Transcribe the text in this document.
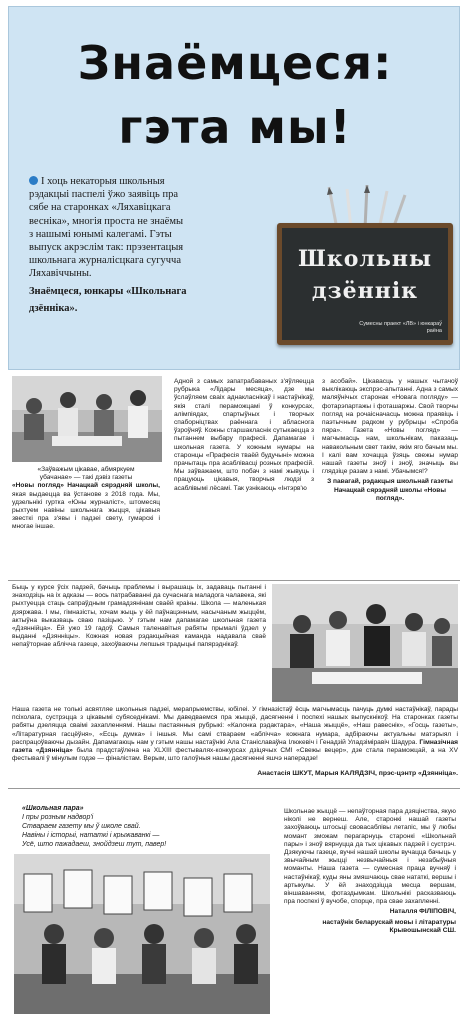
Знаёмцеся:
гэта мы!

І хоць некаторыя школьныя

рэдакцыі паспелі ўжо заявіць пра

сябе на старонках «Ляхавіцкага

весніка», многія проста не знаёмы

з нашымі юнымі калегамі. Гэты

выпуск акрэслім так: прэзентацыя

школьнага журналісцкага сугучча

Ляхавіччыны.

Знаёмцеся, юнкары «Школьнага

дзённіка».

Школьны
дзённік
Сумесны праект «ЛВ» і юнкараў раёна
«Заўважым цікавае, абмяркуем
убачанае» — такі дэвіз газеты
«Новы погляд» Начацкай сярэдняй школы, якая выдаецца ва ўстанове з 2018 года. Мы, удзельнікі гуртка «Юны журналіст», штомесяц рыхтуем навіны школьнага жыцця, цікавыя звесткі пра з'явы і падзеі свету, гумарскі і многае іншае.
Адной з самых запатрабаваных з'яўляецца рубрыка «Лідары месяца», дзе мы ўслаўляем сваіх аднакласнікаў і настаўнікаў, якія сталі пераможцамі ў конкурсах, алімпіядах, спартыўных і творчых спаборніцтвах раённага і абласнога ўзроўняў. Кожны старшакласнік сутыкаецца з пытаннем выбару прафесіі. Дапамагае і школьная газета. У кожным нумары на старонцы «Прафесія тваёй будучыні» можна прачытаць пра асаблівасці розных прафесій. Мы заўважаем, што побач з намі жывуць і працуюць цікавыя, творчыя людзі з асаблівымі лёсамі. Так узнікаюць «Інтэрв'ю
з асобай». Цікавасць у нашых чытачоў выклікаюць экспрэс-апытанні. Адна з самых маляўнічых старонак «Новага погляду» — фотарэпартажы і фоташаржы. Свой творчы погляд на рочаісначасць можна праявіць і паэтычным радком у рубрыцы «Спроба пяра». Газета «Новы погляд» — магчымасць нам, школьнікам, паказаць навакольным свет такім, якім яго бачым мы. І калі вам хочацца ўзяць свежы нумар нашай газеты зноў і зноў, значыць вы глядзіце разам з намі. Убачымся!?
З павагай, рэдакцыя школьнай газеты Начацкай сярэдняй школы «Новы погляд».
Быць у курсе ўсіх падзей, бачыць праблемы і вырашаць іх, задаваць пытанні і знаходзіць на іх адказы — вось патрабаванні да сучаснага маладога чалавека, які рыхтуецца стаць сапраўдным грамадзянінам сваёй краіны. Школа — маленькая дзяржава. І мы, гімназісты, хочам жыць у ёй паўнацэнным, насычаным жыццём, актыўна выказваць сваю пазіцыю. У гэтым нам дапамагае школьная газета «Дзяннійца». Ёй ужо 19 гадоў. Самыя таленавітыя рабяты прымалі ўдзел у выданні «Дзянніцы». Кожная новая рэдакцыйная каманда надавала сваё непаўторнае аблічча газеце, захоўваючы лепшыя традыцыі папярэднікаў.
Наша газета не толькі асвятляе школьныя падзеі, мерапрыемствы, юбілеі. У гімназістаў ёсць магчымасць пачуць думкі настаўнікаў, парады псіхолага, сустрэцца з цікавымі субяседнікамі. Мы даведваемся пра жыццё, дасягненні і поспехі нашых выпускнікоў. На старонках газеты рабяты дзеляцца сваімі захапленнямі. Нашы пастаянныя рубрыкі: «Калонка рэдактара», «Наша жыццё», «Наш равеснік», «Госць газеты», «Літаратурная гасцёўня», «Есць думка» і іншыя. Мы самі ствараем «аблічча» кожнага нумара, адбіраючы актуальны матэрыял і распрацоўваючы дызайн. Дапамагаюць нам у гэтым нашы настаўнікі Ала Станіславаўна Ілюкевіч і Генадзій Уладзіміравіч Шадура. Гімназічная газета «Дзянніца» была прадстаўлена на XLXIII фестывалях-конкурсах дзіцячых СМІ «Свежы вецер», дзе стала пераможцай, а на XV фестывалі ў мінулым годзе — фіналістам. Верым, што галоўныя нашы дасягненні яшчэ наперадзе!
Анастасія ШКУТ, Марыя КАЛЯДЗІЧ, прэс-цэнтр «Дзянніца».
«Школьная пара»
І пры розным надвор'і
Ствараем газету мы ў школе свай.
Навіны і історыі, нататкі і крыжаванкі —
Усё, што пажадаеш, знойдзеш тут, павер!
Школьнае жыццё — непаўторная пара дзяцінства, якую ніколі не вернеш. Але, старонкі нашай газеты захоўваюць штосьці свовасаблівы летапіс, мы ў любы момант зможам перагарнуць старонкі «Школьнай пары» і зноў вярнуцца да тых цікавых падзей і сустрэч. Дзякуючы газеце, вучні нашай школы вучацца бачыць у звычайным жыцці незвычайныя і незабыўныя моманты. Наша газета — сумесная праца вучняў і настаўнікаў, куды яны змяшчаюць свае нататкі, вершы і артыкулы. У ёй знаходзіцца месца вершам, віншаванням, фотаздымкам. Школьнікі расказваюць пра поспехі ў вучобе, спорце, пра свае захапленні.
Наталля ФІЛІПОВІЧ,
настаўнік беларускай мовы і літаратуры Крывошынскай СШ.
